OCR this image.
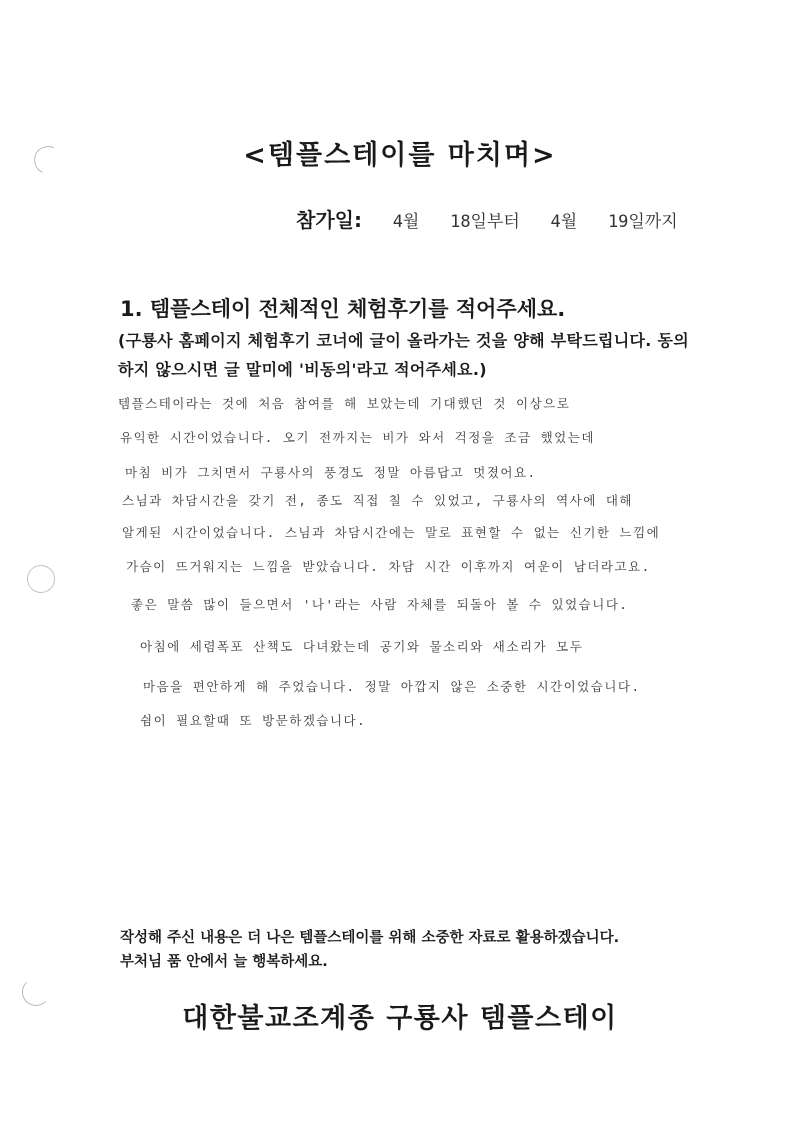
<템플스테이를 마치며>
참가일: 4월 18일부터 4월 19일까지
1. 템플스테이 전체적인 체험후기를 적어주세요.
(구룡사 홈페이지 체험후기 코너에 글이 올라가는 것을 양해 부탁드립니다. 동의하지 않으시면 글 말미에 '비동의'라고 적어주세요.)
템플스테이라는 것에 처음 참여를 해 보았는데 기대했던 것 이상으로
유익한 시간이었습니다. 오기 전까지는 비가 와서 걱정을 조금 했었는데
마침 비가 그치면서 구룡사의 풍경도 정말 아름답고 멋졌어요.
스님과 차담시간을 갖기 전, 종도 직접 칠 수 있었고, 구룡사의 역사에 대해
알게된 시간이었습니다. 스님과 차담시간에는 말로 표현할 수 없는 신기한 느낌에
가슴이 뜨거워지는 느낌을 받았습니다. 차담 시간 이후까지 여운이 남더라고요.
좋은 말씀 많이 들으면서 '나'라는 사람 자체를 되돌아 볼 수 있었습니다.
아침에 세렴폭포 산책도 다녀왔는데 공기와 물소리와 새소리가 모두
마음을 편안하게 해 주었습니다. 정말 아깝지 않은 소중한 시간이었습니다.
쉼이 필요할때 또 방문하겠습니다.
작성해 주신 내용은 더 나은 템플스테이를 위해 소중한 자료로 활용하겠습니다.
부처님 품 안에서 늘 행복하세요.
대한불교조계종 구룡사 템플스테이
